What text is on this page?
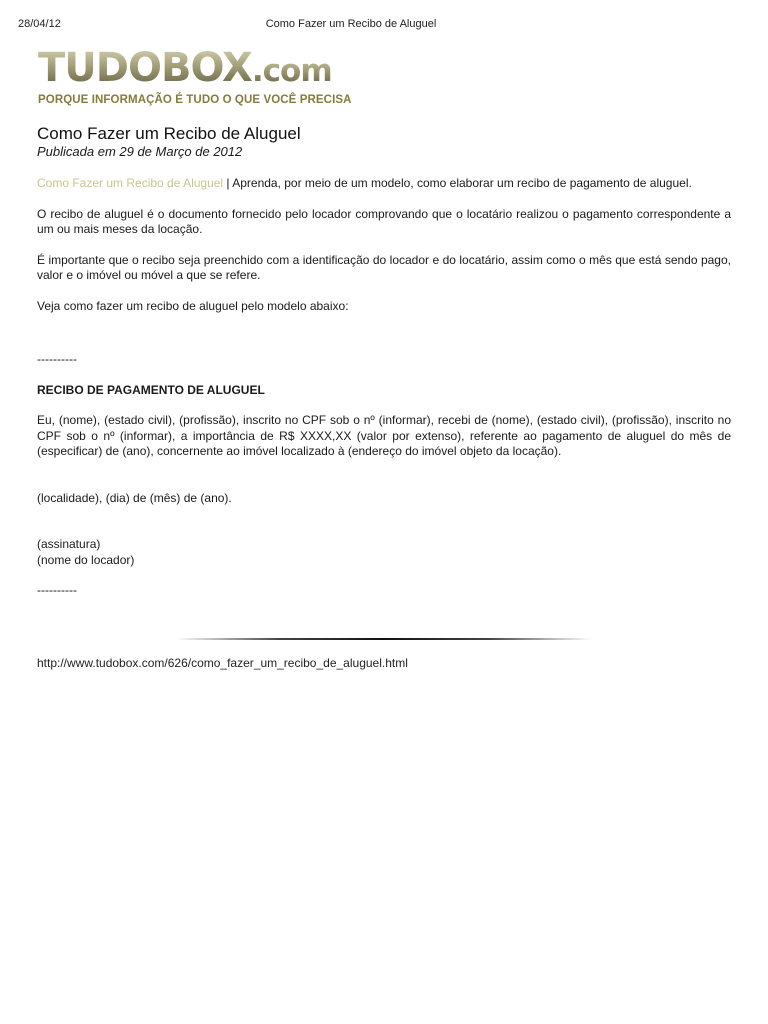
28/04/12	Como Fazer um Recibo de Aluguel
TUDOBOX.com
PORQUE INFORMAÇÃO É TUDO O QUE VOCÊ PRECISA
Como Fazer um Recibo de Aluguel
Publicada em 29 de Março de 2012

Como Fazer um Recibo de Aluguel | Aprenda, por meio de um modelo, como elaborar um recibo de pagamento de aluguel.

O recibo de aluguel é o documento fornecido pelo locador comprovando que o locatário realizou o pagamento correspondente a um ou mais meses da locação.

É importante que o recibo seja preenchido com a identificação do locador e do locatário, assim como o mês que está sendo pago, valor e o imóvel ou móvel a que se refere.

Veja como fazer um recibo de aluguel pelo modelo abaixo:

----------

RECIBO DE PAGAMENTO DE ALUGUEL

Eu, (nome), (estado civil), (profissão), inscrito no CPF sob o nº (informar), recebi de (nome), (estado civil), (profissão), inscrito no CPF sob o nº (informar), a importância de R$ XXXX,XX (valor por extenso), referente ao pagamento de aluguel do mês de (especificar) de (ano), concernente ao imóvel localizado à (endereço do imóvel objeto da locação).

(localidade), (dia) de (mês) de (ano).

(assinatura)

(nome do locador)

----------

http://www.tudobox.com/626/como_fazer_um_recibo_de_aluguel.html
